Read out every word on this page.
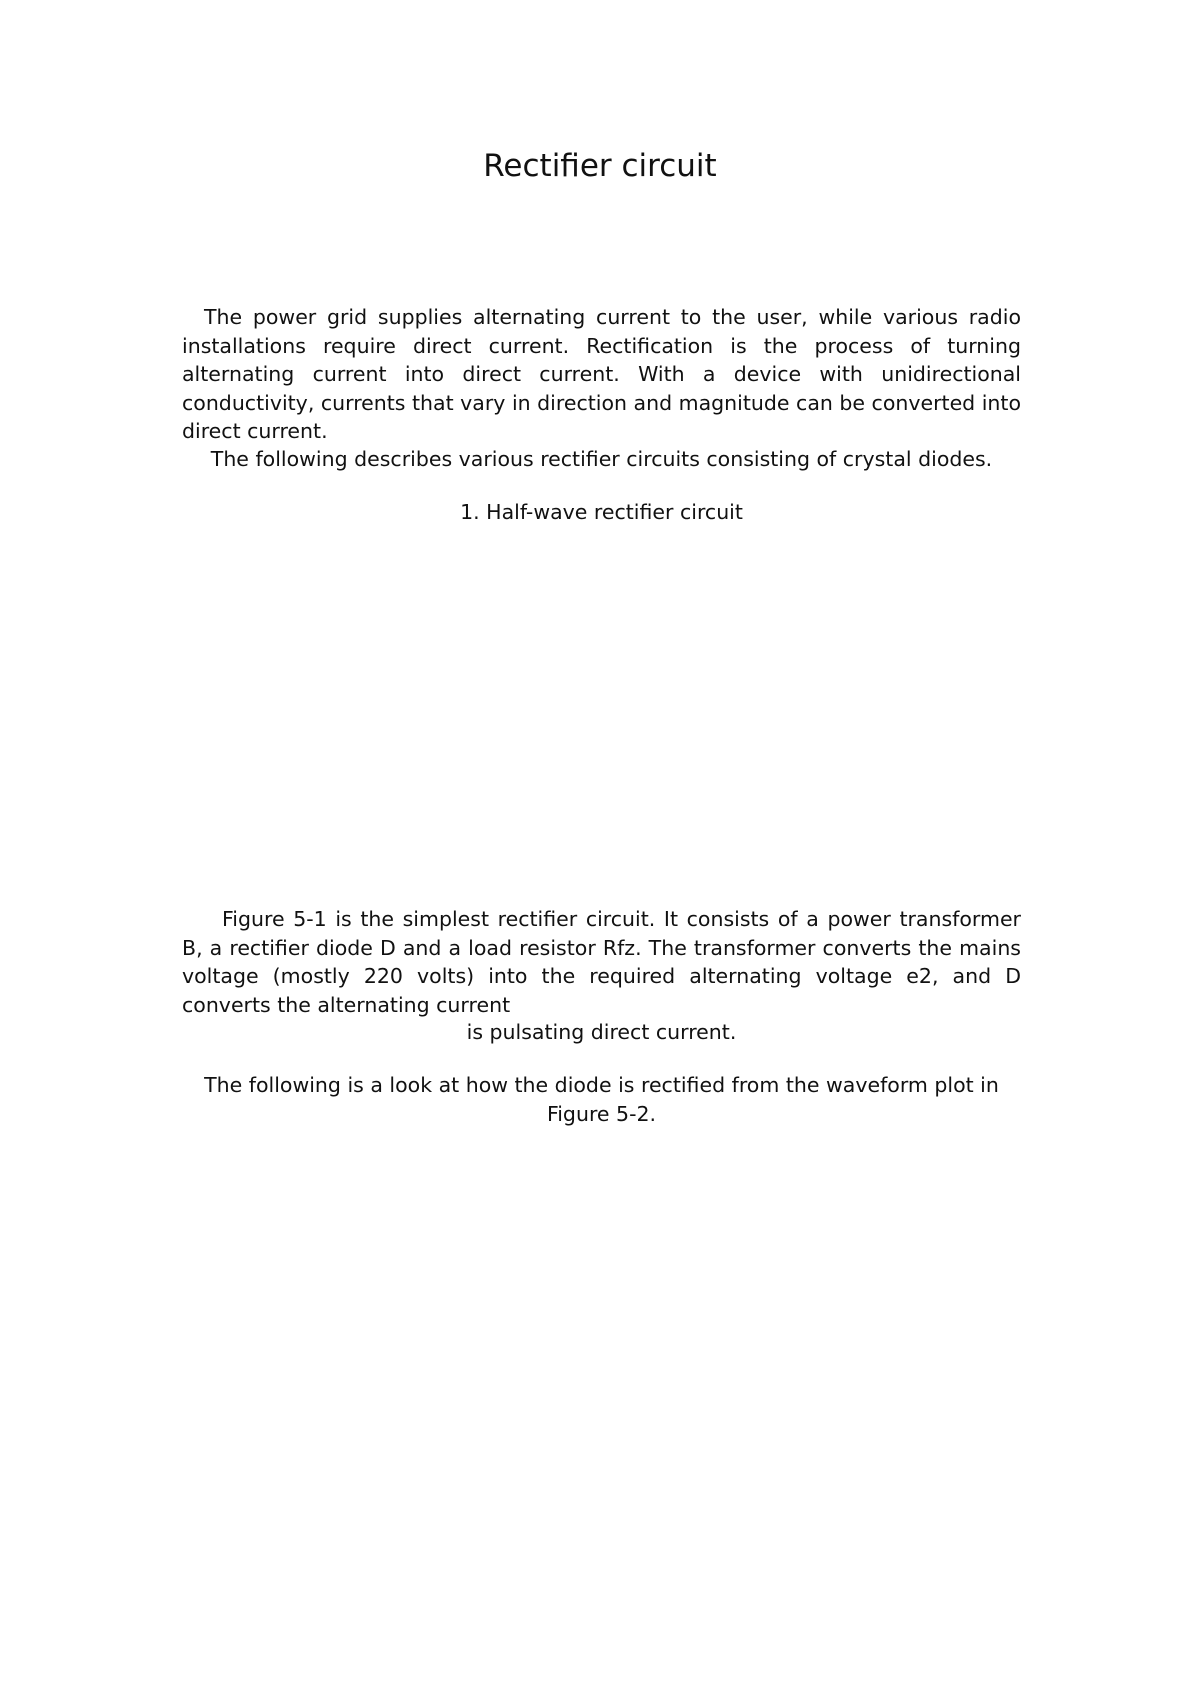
Rectifier circuit

The power grid supplies alternating current to the user, while various radio installations require direct current. Rectification is the process of turning alternating current into direct current. With a device with unidirectional conductivity, currents that vary in direction and magnitude can be converted into direct current.

The following describes various rectifier circuits consisting of crystal diodes.

1. Half-wave rectifier circuit

Figure 5-1 is the simplest rectifier circuit. It consists of a power transformer B, a rectifier diode D and a load resistor Rfz. The transformer converts the mains voltage (mostly 220 volts) into the required alternating voltage e2, and D converts the alternating current

is pulsating direct current.

The following is a look at how the diode is rectified from the waveform plot in Figure 5-2.
